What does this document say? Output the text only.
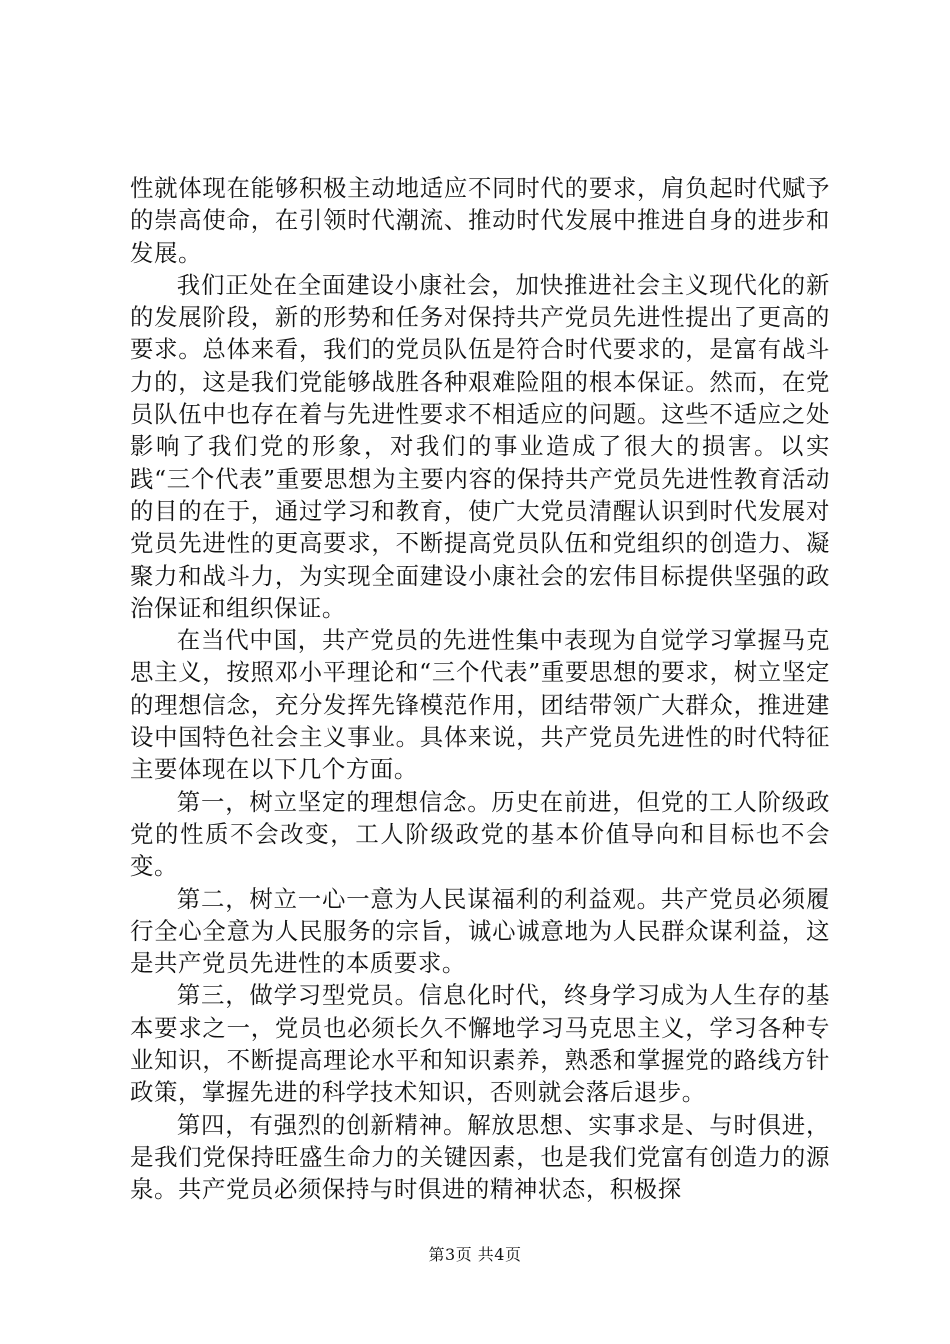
性就体现在能够积极主动地适应不同时代的要求，肩负起时代赋予的崇高使命，在引领时代潮流、推动时代发展中推进自身的进步和发展。

我们正处在全面建设小康社会，加快推进社会主义现代化的新的发展阶段，新的形势和任务对保持共产党员先进性提出了更高的要求。总体来看，我们的党员队伍是符合时代要求的，是富有战斗力的，这是我们党能够战胜各种艰难险阻的根本保证。然而，在党员队伍中也存在着与先进性要求不相适应的问题。这些不适应之处影响了我们党的形象，对我们的事业造成了很大的损害。以实践“三个代表”重要思想为主要内容的保持共产党员先进性教育活动的目的在于，通过学习和教育，使广大党员清醒认识到时代发展对党员先进性的更高要求，不断提高党员队伍和党组织的创造力、凝聚力和战斗力，为实现全面建设小康社会的宏伟目标提供坚强的政治保证和组织保证。

在当代中国，共产党员的先进性集中表现为自觉学习掌握马克思主义，按照邓小平理论和“三个代表”重要思想的要求，树立坚定的理想信念，充分发挥先锋模范作用，团结带领广大群众，推进建设中国特色社会主义事业。具体来说，共产党员先进性的时代特征主要体现在以下几个方面。

第一，树立坚定的理想信念。历史在前进，但党的工人阶级政党的性质不会改变，工人阶级政党的基本价值导向和目标也不会变。

第二，树立一心一意为人民谋福利的利益观。共产党员必须履行全心全意为人民服务的宗旨，诚心诚意地为人民群众谋利益，这是共产党员先进性的本质要求。

第三，做学习型党员。信息化时代，终身学习成为人生存的基本要求之一，党员也必须长久不懈地学习马克思主义，学习各种专业知识，不断提高理论水平和知识素养，熟悉和掌握党的路线方针政策，掌握先进的科学技术知识，否则就会落后退步。

第四，有强烈的创新精神。解放思想、实事求是、与时俱进，是我们党保持旺盛生命力的关键因素，也是我们党富有创造力的源泉。共产党员必须保持与时俱进的精神状态，积极探

第3页 共4页
